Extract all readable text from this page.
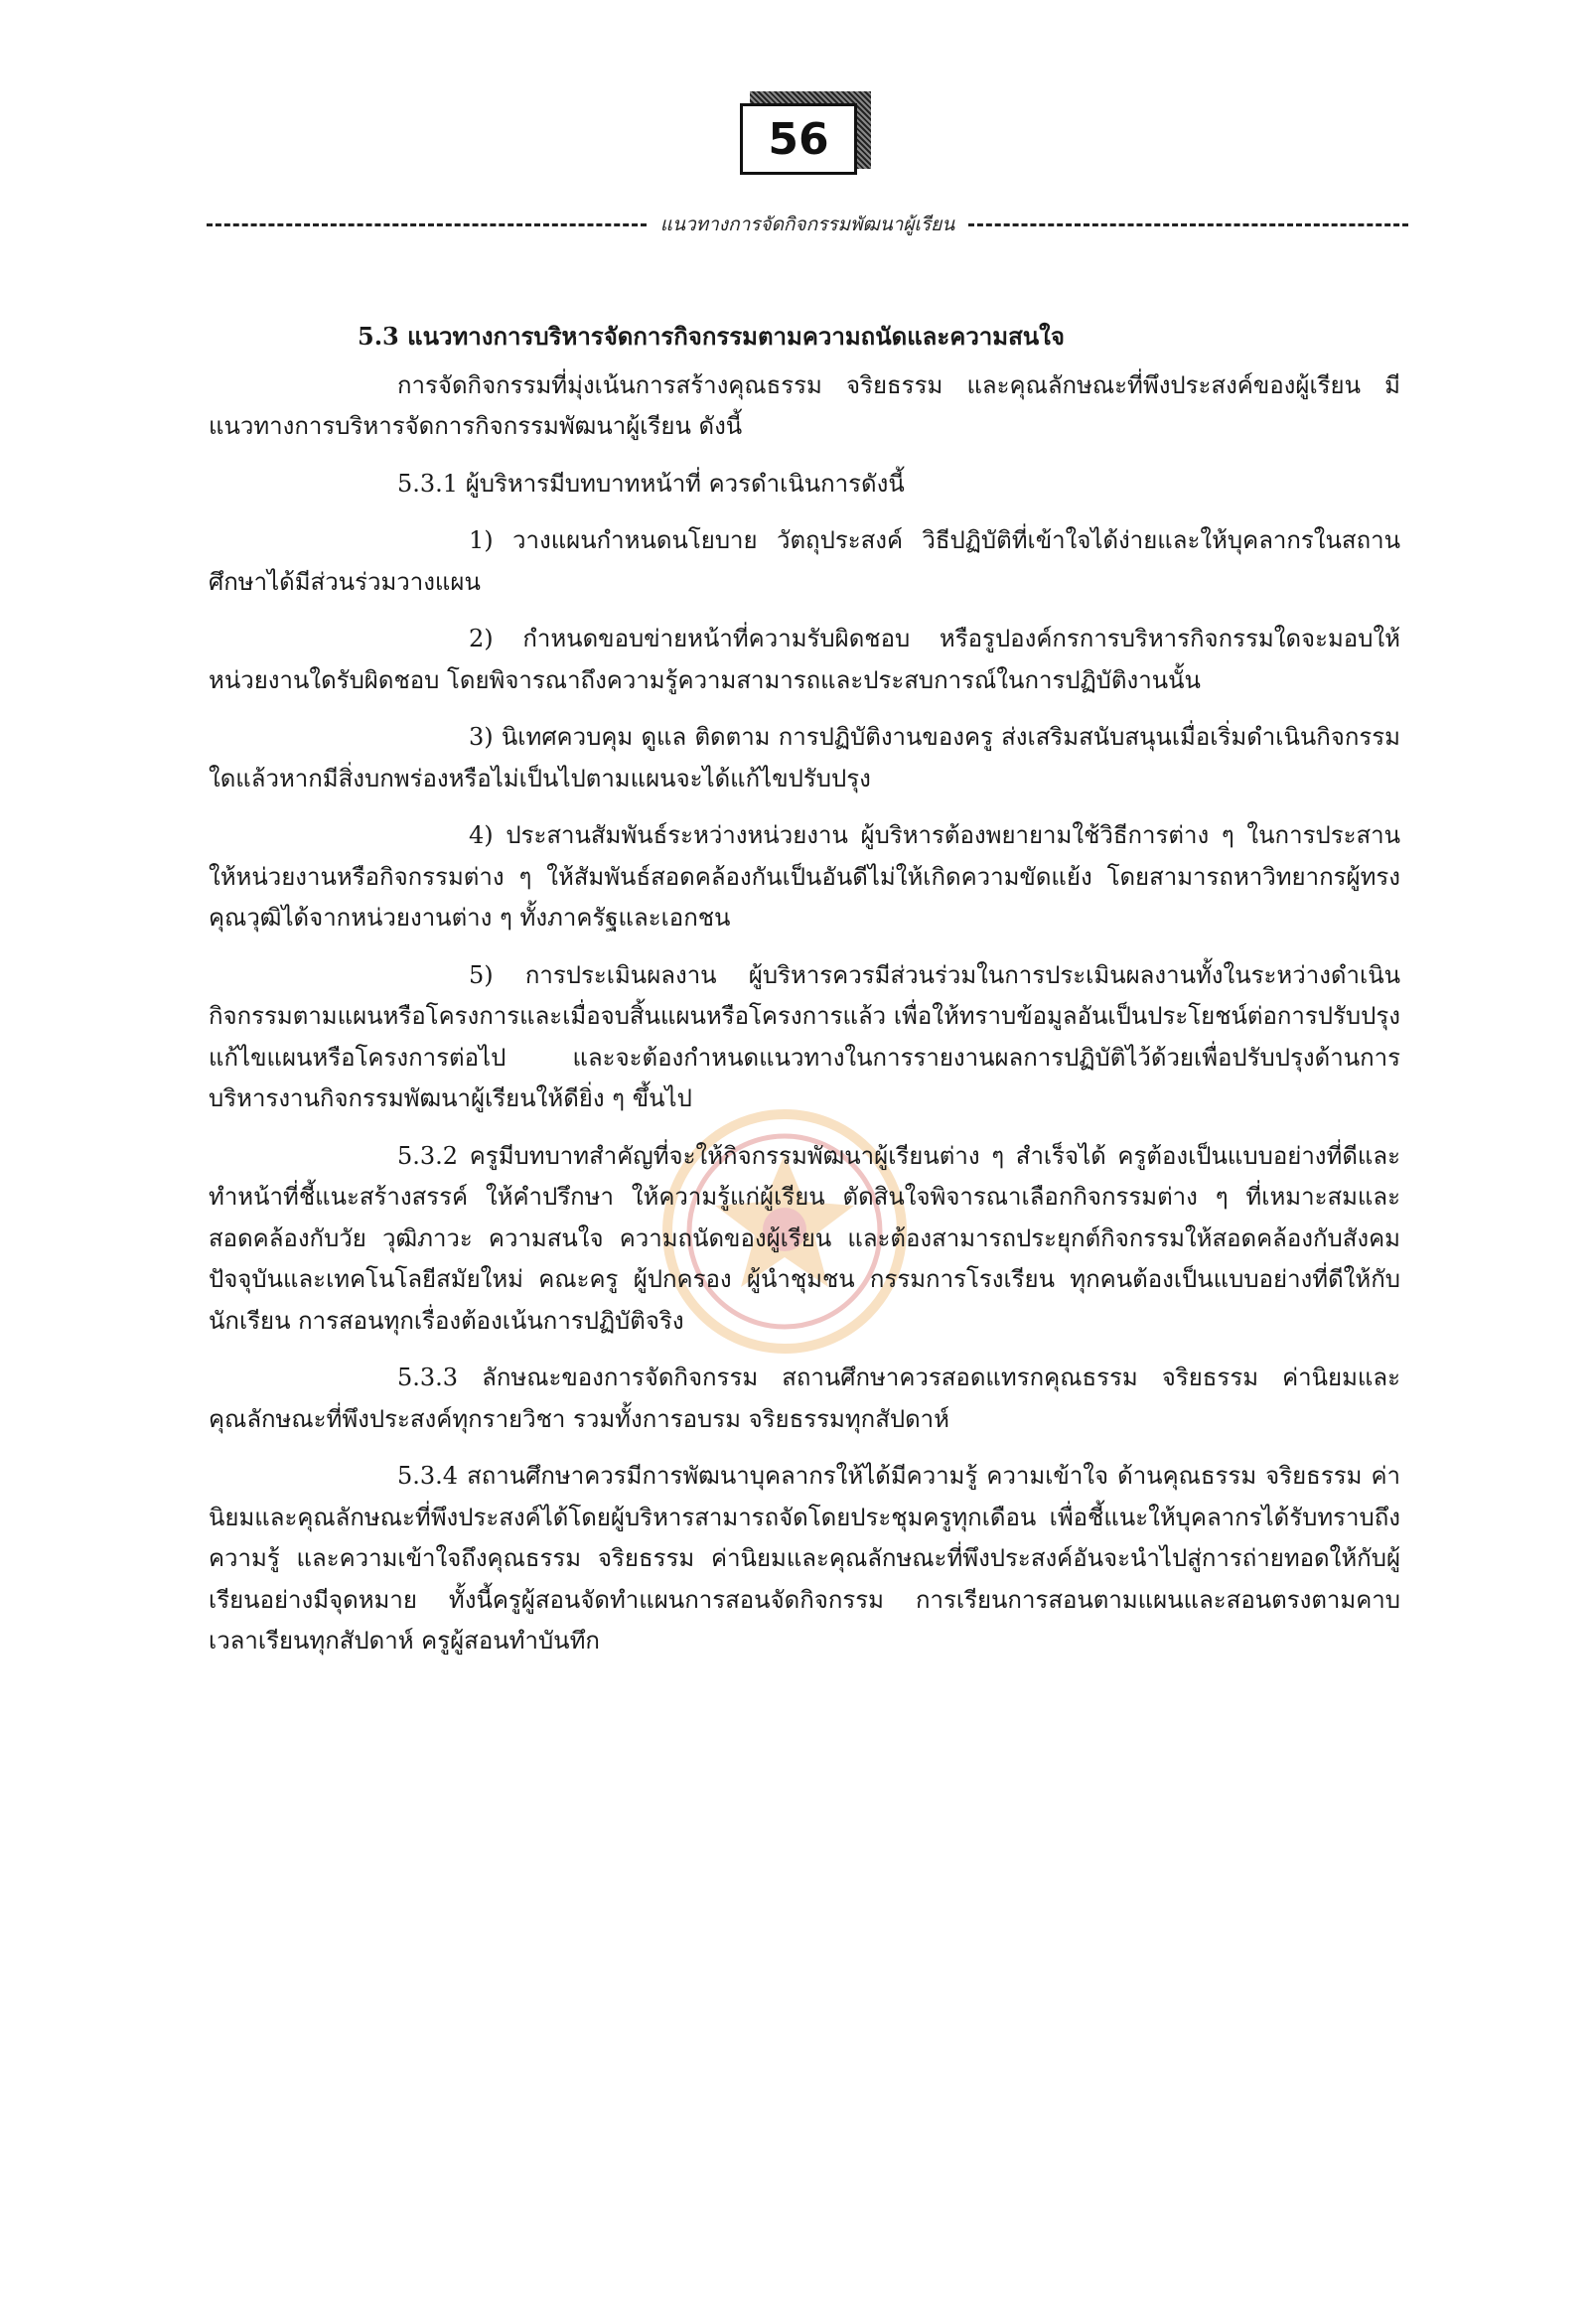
56
แนวทางการจัดกิจกรรมพัฒนาผู้เรียน

5.3 แนวทางการบริหารจัดการกิจกรรมตามความถนัดและความสนใจ

การจัดกิจกรรมที่มุ่งเน้นการสร้างคุณธรรม จริยธรรม และคุณลักษณะที่พึงประสงค์ของผู้เรียน มีแนวทางการบริหารจัดการกิจกรรมพัฒนาผู้เรียน ดังนี้

5.3.1 ผู้บริหารมีบทบาทหน้าที่ ควรดำเนินการดังนี้

1) วางแผนกำหนดนโยบาย วัตถุประสงค์ วิธีปฏิบัติที่เข้าใจได้ง่ายและให้บุคลากรในสถานศึกษาได้มีส่วนร่วมวางแผน

2) กำหนดขอบข่ายหน้าที่ความรับผิดชอบ หรือรูปองค์กรการบริหารกิจกรรมใดจะมอบให้หน่วยงานใดรับผิดชอบ โดยพิจารณาถึงความรู้ความสามารถและประสบการณ์ในการปฏิบัติงานนั้น

3) นิเทศควบคุม ดูแล ติดตาม การปฏิบัติงานของครู ส่งเสริมสนับสนุนเมื่อเริ่มดำเนินกิจกรรมใดแล้วหากมีสิ่งบกพร่องหรือไม่เป็นไปตามแผนจะได้แก้ไขปรับปรุง

4) ประสานสัมพันธ์ระหว่างหน่วยงาน ผู้บริหารต้องพยายามใช้วิธีการต่าง ๆ ในการประสานให้หน่วยงานหรือกิจกรรมต่าง ๆ ให้สัมพันธ์สอดคล้องกันเป็นอันดีไม่ให้เกิดความขัดแย้ง โดยสามารถหาวิทยากรผู้ทรงคุณวุฒิได้จากหน่วยงานต่าง ๆ ทั้งภาครัฐและเอกชน

5) การประเมินผลงาน ผู้บริหารควรมีส่วนร่วมในการประเมินผลงานทั้งในระหว่างดำเนินกิจกรรมตามแผนหรือโครงการและเมื่อจบสิ้นแผนหรือโครงการแล้ว เพื่อให้ทราบข้อมูลอันเป็นประโยชน์ต่อการปรับปรุงแก้ไขแผนหรือโครงการต่อไป และจะต้องกำหนดแนวทางในการรายงานผลการปฏิบัติไว้ด้วยเพื่อปรับปรุงด้านการบริหารงานกิจกรรมพัฒนาผู้เรียนให้ดียิ่ง ๆ ขึ้นไป

5.3.2 ครูมีบทบาทสำคัญที่จะให้กิจกรรมพัฒนาผู้เรียนต่าง ๆ สำเร็จได้ ครูต้องเป็นแบบอย่างที่ดีและทำหน้าที่ชี้แนะสร้างสรรค์ ให้คำปรึกษา ให้ความรู้แก่ผู้เรียน ตัดสินใจพิจารณาเลือกกิจกรรมต่าง ๆ ที่เหมาะสมและสอดคล้องกับวัย วุฒิภาวะ ความสนใจ ความถนัดของผู้เรียน และต้องสามารถประยุกต์กิจกรรมให้สอดคล้องกับสังคมปัจจุบันและเทคโนโลยีสมัยใหม่ คณะครู ผู้ปกครอง ผู้นำชุมชน กรรมการโรงเรียน ทุกคนต้องเป็นแบบอย่างที่ดีให้กับนักเรียน การสอนทุกเรื่องต้องเน้นการปฏิบัติจริง

5.3.3 ลักษณะของการจัดกิจกรรม สถานศึกษาควรสอดแทรกคุณธรรม จริยธรรม ค่านิยมและคุณลักษณะที่พึงประสงค์ทุกรายวิชา รวมทั้งการอบรม จริยธรรมทุกสัปดาห์

5.3.4 สถานศึกษาควรมีการพัฒนาบุคลากรให้ได้มีความรู้ ความเข้าใจ ด้านคุณธรรม จริยธรรม ค่านิยมและคุณลักษณะที่พึงประสงค์ได้โดยผู้บริหารสามารถจัดโดยประชุมครูทุกเดือน เพื่อชี้แนะให้บุคลากรได้รับทราบถึงความรู้ และความเข้าใจถึงคุณธรรม จริยธรรม ค่านิยมและคุณลักษณะที่พึงประสงค์อันจะนำไปสู่การถ่ายทอดให้กับผู้เรียนอย่างมีจุดหมาย ทั้งนี้ครูผู้สอนจัดทำแผนการสอนจัดกิจกรรม การเรียนการสอนตามแผนและสอนตรงตามคาบเวลาเรียนทุกสัปดาห์ ครูผู้สอนทำบันทึก
